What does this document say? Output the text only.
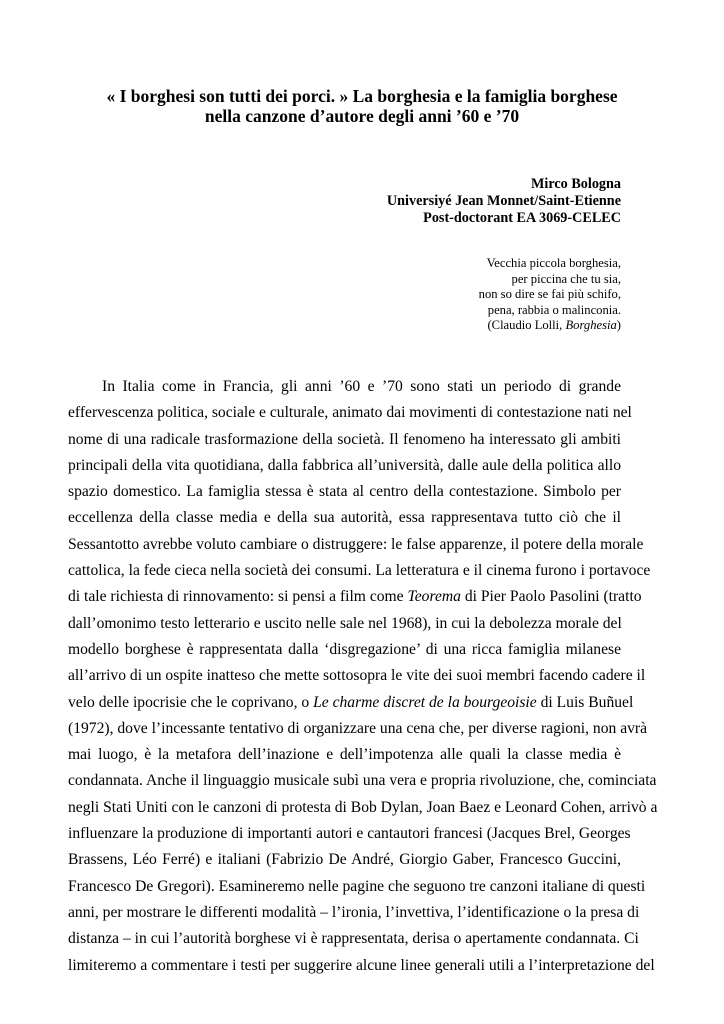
« I borghesi son tutti dei porci. » La borghesia e la famiglia borghese
nella canzone d’autore degli anni ’60 e ’70
Mirco Bologna
Universiyé Jean Monnet/Saint-Etienne
Post-doctorant EA 3069-CELEC
Vecchia piccola borghesia,
per piccina che tu sia,
non so dire se fai più schifo,
pena, rabbia o malinconia.
(Claudio Lolli, Borghesia)
In Italia come in Francia, gli anni ’60 e ’70 sono stati un periodo di grande
effervescenza politica, sociale e culturale, animato dai movimenti di contestazione nati nel
nome di una radicale trasformazione della società. Il fenomeno ha interessato gli ambiti
principali della vita quotidiana, dalla fabbrica all’università, dalle aule della politica allo
spazio domestico. La famiglia stessa è stata al centro della contestazione. Simbolo per
eccellenza della classe media e della sua autorità, essa rappresentava tutto ciò che il
Sessantotto avrebbe voluto cambiare o distruggere: le false apparenze, il potere della morale
cattolica, la fede cieca nella società dei consumi. La letteratura e il cinema furono i portavoce
di tale richiesta di rinnovamento: si pensi a film come Teorema di Pier Paolo Pasolini (tratto
dall’omonimo testo letterario e uscito nelle sale nel 1968), in cui la debolezza morale del
modello borghese è rappresentata dalla ‘disgregazione’ di una ricca famiglia milanese
all’arrivo di un ospite inatteso che mette sottosopra le vite dei suoi membri facendo cadere il
velo delle ipocrisie che le coprivano, o Le charme discret de la bourgeoisie di Luis Buñuel
(1972), dove l’incessante tentativo di organizzare una cena che, per diverse ragioni, non avrà
mai luogo, è la metafora dell’inazione e dell’impotenza alle quali la classe media è
condannata. Anche il linguaggio musicale subì una vera e propria rivoluzione, che, cominciata
negli Stati Uniti con le canzoni di protesta di Bob Dylan, Joan Baez e Leonard Cohen, arrivò a
influenzare la produzione di importanti autori e cantautori francesi (Jacques Brel, Georges
Brassens, Léo Ferré) e italiani (Fabrizio De André, Giorgio Gaber, Francesco Guccini,
Francesco De Gregori). Esamineremo nelle pagine che seguono tre canzoni italiane di questi
anni, per mostrare le differenti modalità – l’ironia, l’invettiva, l’identificazione o la presa di
distanza – in cui l’autorità borghese vi è rappresentata, derisa o apertamente condannata. Ci
limiteremo a commentare i testi per suggerire alcune linee generali utili a l’interpretazione del
